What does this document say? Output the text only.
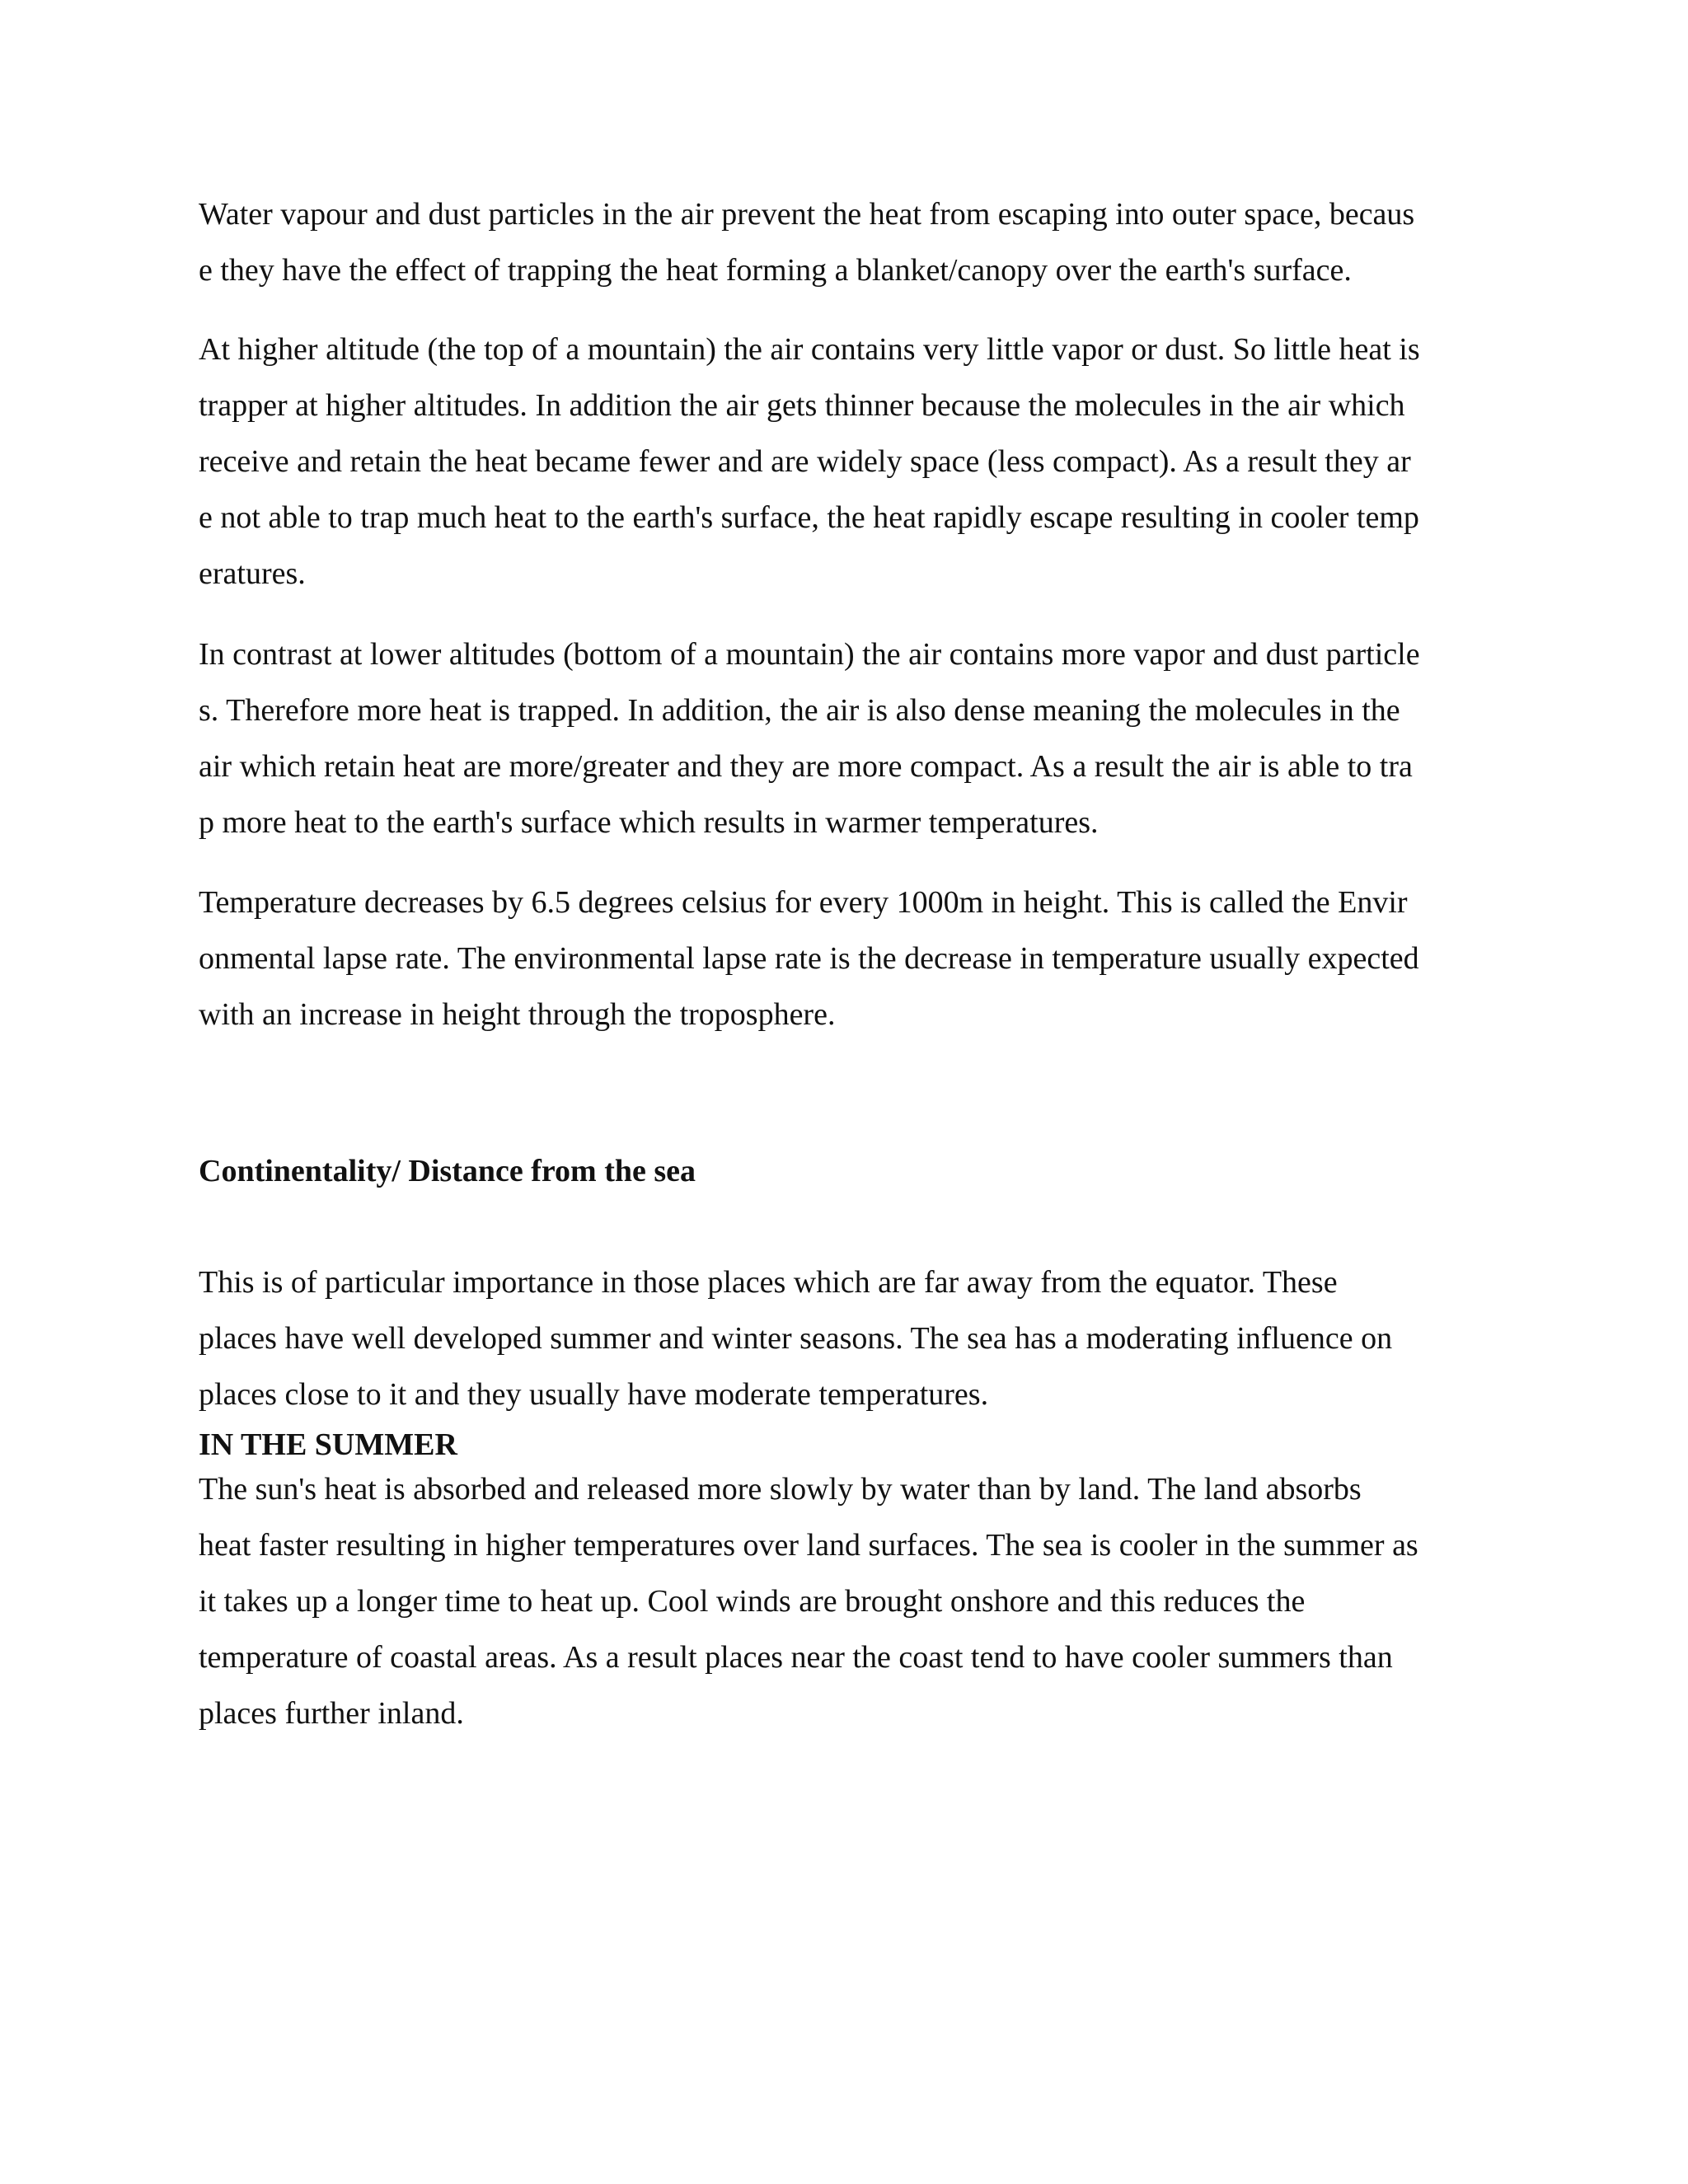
Water vapour and dust particles in the air prevent the heat from escaping into outer space, becaus
e they have the effect of trapping the heat forming a blanket/canopy over the earth's surface.
At higher altitude (the top of a mountain) the air contains very little vapor or dust. So little heat is
trapper at higher altitudes. In addition the air gets thinner because the molecules in the air which
receive and retain the heat became fewer and are widely space (less compact). As a result they ar
e not able to trap much heat to the earth's surface, the heat rapidly escape resulting in cooler temp
eratures.
In contrast at lower altitudes (bottom of a mountain) the air contains more vapor and dust particle
s. Therefore more heat is trapped. In addition, the air is also dense meaning the molecules in the
air which retain heat are more/greater and they are more compact. As a result the air is able to tra
p more heat to the earth's surface which results in warmer temperatures.
Temperature decreases by 6.5 degrees celsius for every 1000m in height. This is called the Envir
onmental lapse rate. The environmental lapse rate is the decrease in temperature usually expected
with an increase in height through the troposphere.
Continentality/ Distance from the sea
This is of particular importance in those places which are far away from the equator. These
places have well developed summer and winter seasons. The sea has a moderating influence on
places close to it and they usually have moderate temperatures.
IN THE SUMMER
The sun's heat is absorbed and released more slowly by water than by land. The land absorbs
heat faster resulting in higher temperatures over land surfaces. The sea is cooler in the summer as
it takes up a longer time to heat up. Cool winds are brought onshore and this reduces the
temperature of coastal areas. As a result places near the coast tend to have cooler summers than
places further inland.
